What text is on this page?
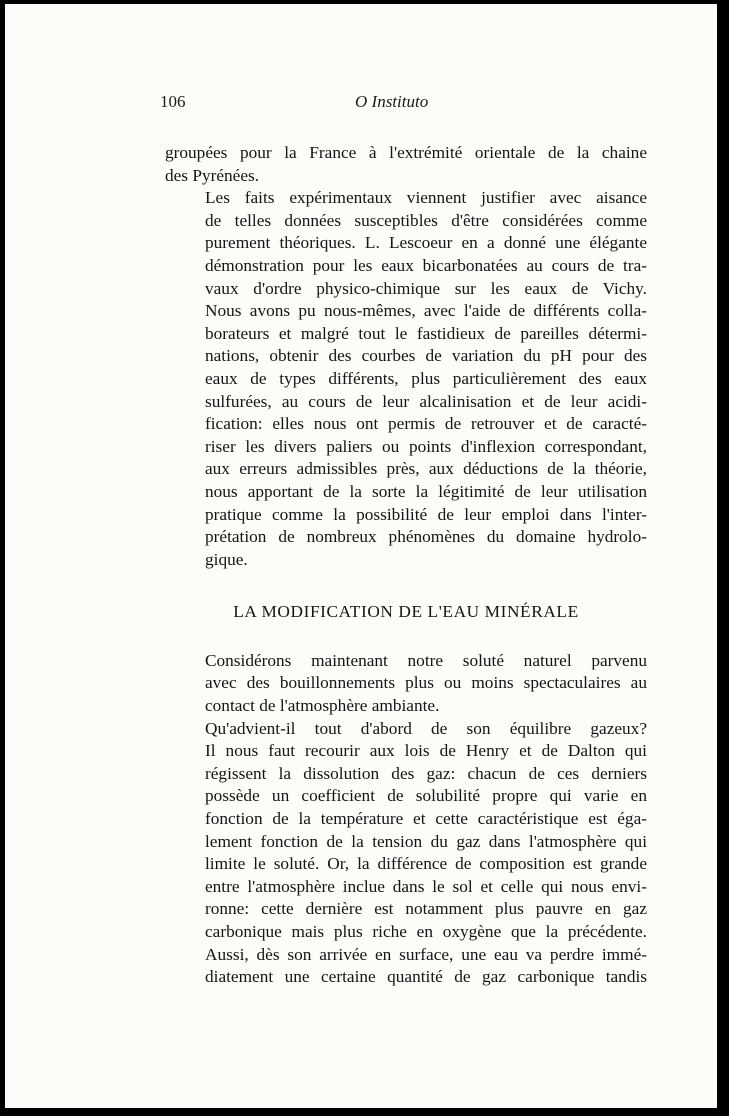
106	O Instituto
groupées pour la France à l'extrémité orientale de la chaine
des Pyrénées.
Les faits expérimentaux viennent justifier avec aisance
de telles données susceptibles d'être considérées comme
purement théoriques. L. Lescoeur en a donné une élégante
démonstration pour les eaux bicarbonatées au cours de tra-
vaux d'ordre physico-chimique sur les eaux de Vichy.
Nous avons pu nous-mêmes, avec l'aide de différents colla-
borateurs et malgré tout le fastidieux de pareilles détermi-
nations, obtenir des courbes de variation du pH pour des
eaux de types différents, plus particulièrement des eaux
sulfurées, au cours de leur alcalinisation et de leur acidi-
fication: elles nous ont permis de retrouver et de caracté-
riser les divers paliers ou points d'inflexion correspondant,
aux erreurs admissibles près, aux déductions de la théorie,
nous apportant de la sorte la légitimité de leur utilisation
pratique comme la possibilité de leur emploi dans l'inter-
prétation de nombreux phénomènes du domaine hydrolo-
gique.
LA MODIFICATION DE L'EAU MINÉRALE
Considérons maintenant notre soluté naturel parvenu
avec des bouillonnements plus ou moins spectaculaires au
contact de l'atmosphère ambiante.
Qu'advient-il tout d'abord de son équilibre gazeux?
Il nous faut recourir aux lois de Henry et de Dalton qui
régissent la dissolution des gaz: chacun de ces derniers
possède un coefficient de solubilité propre qui varie en
fonction de la température et cette caractéristique est éga-
lement fonction de la tension du gaz dans l'atmosphère qui
limite le soluté. Or, la différence de composition est grande
entre l'atmosphère inclue dans le sol et celle qui nous envi-
ronne: cette dernière est notamment plus pauvre en gaz
carbonique mais plus riche en oxygène que la précédente.
Aussi, dès son arrivée en surface, une eau va perdre immé-
diatement une certaine quantité de gaz carbonique tandis
